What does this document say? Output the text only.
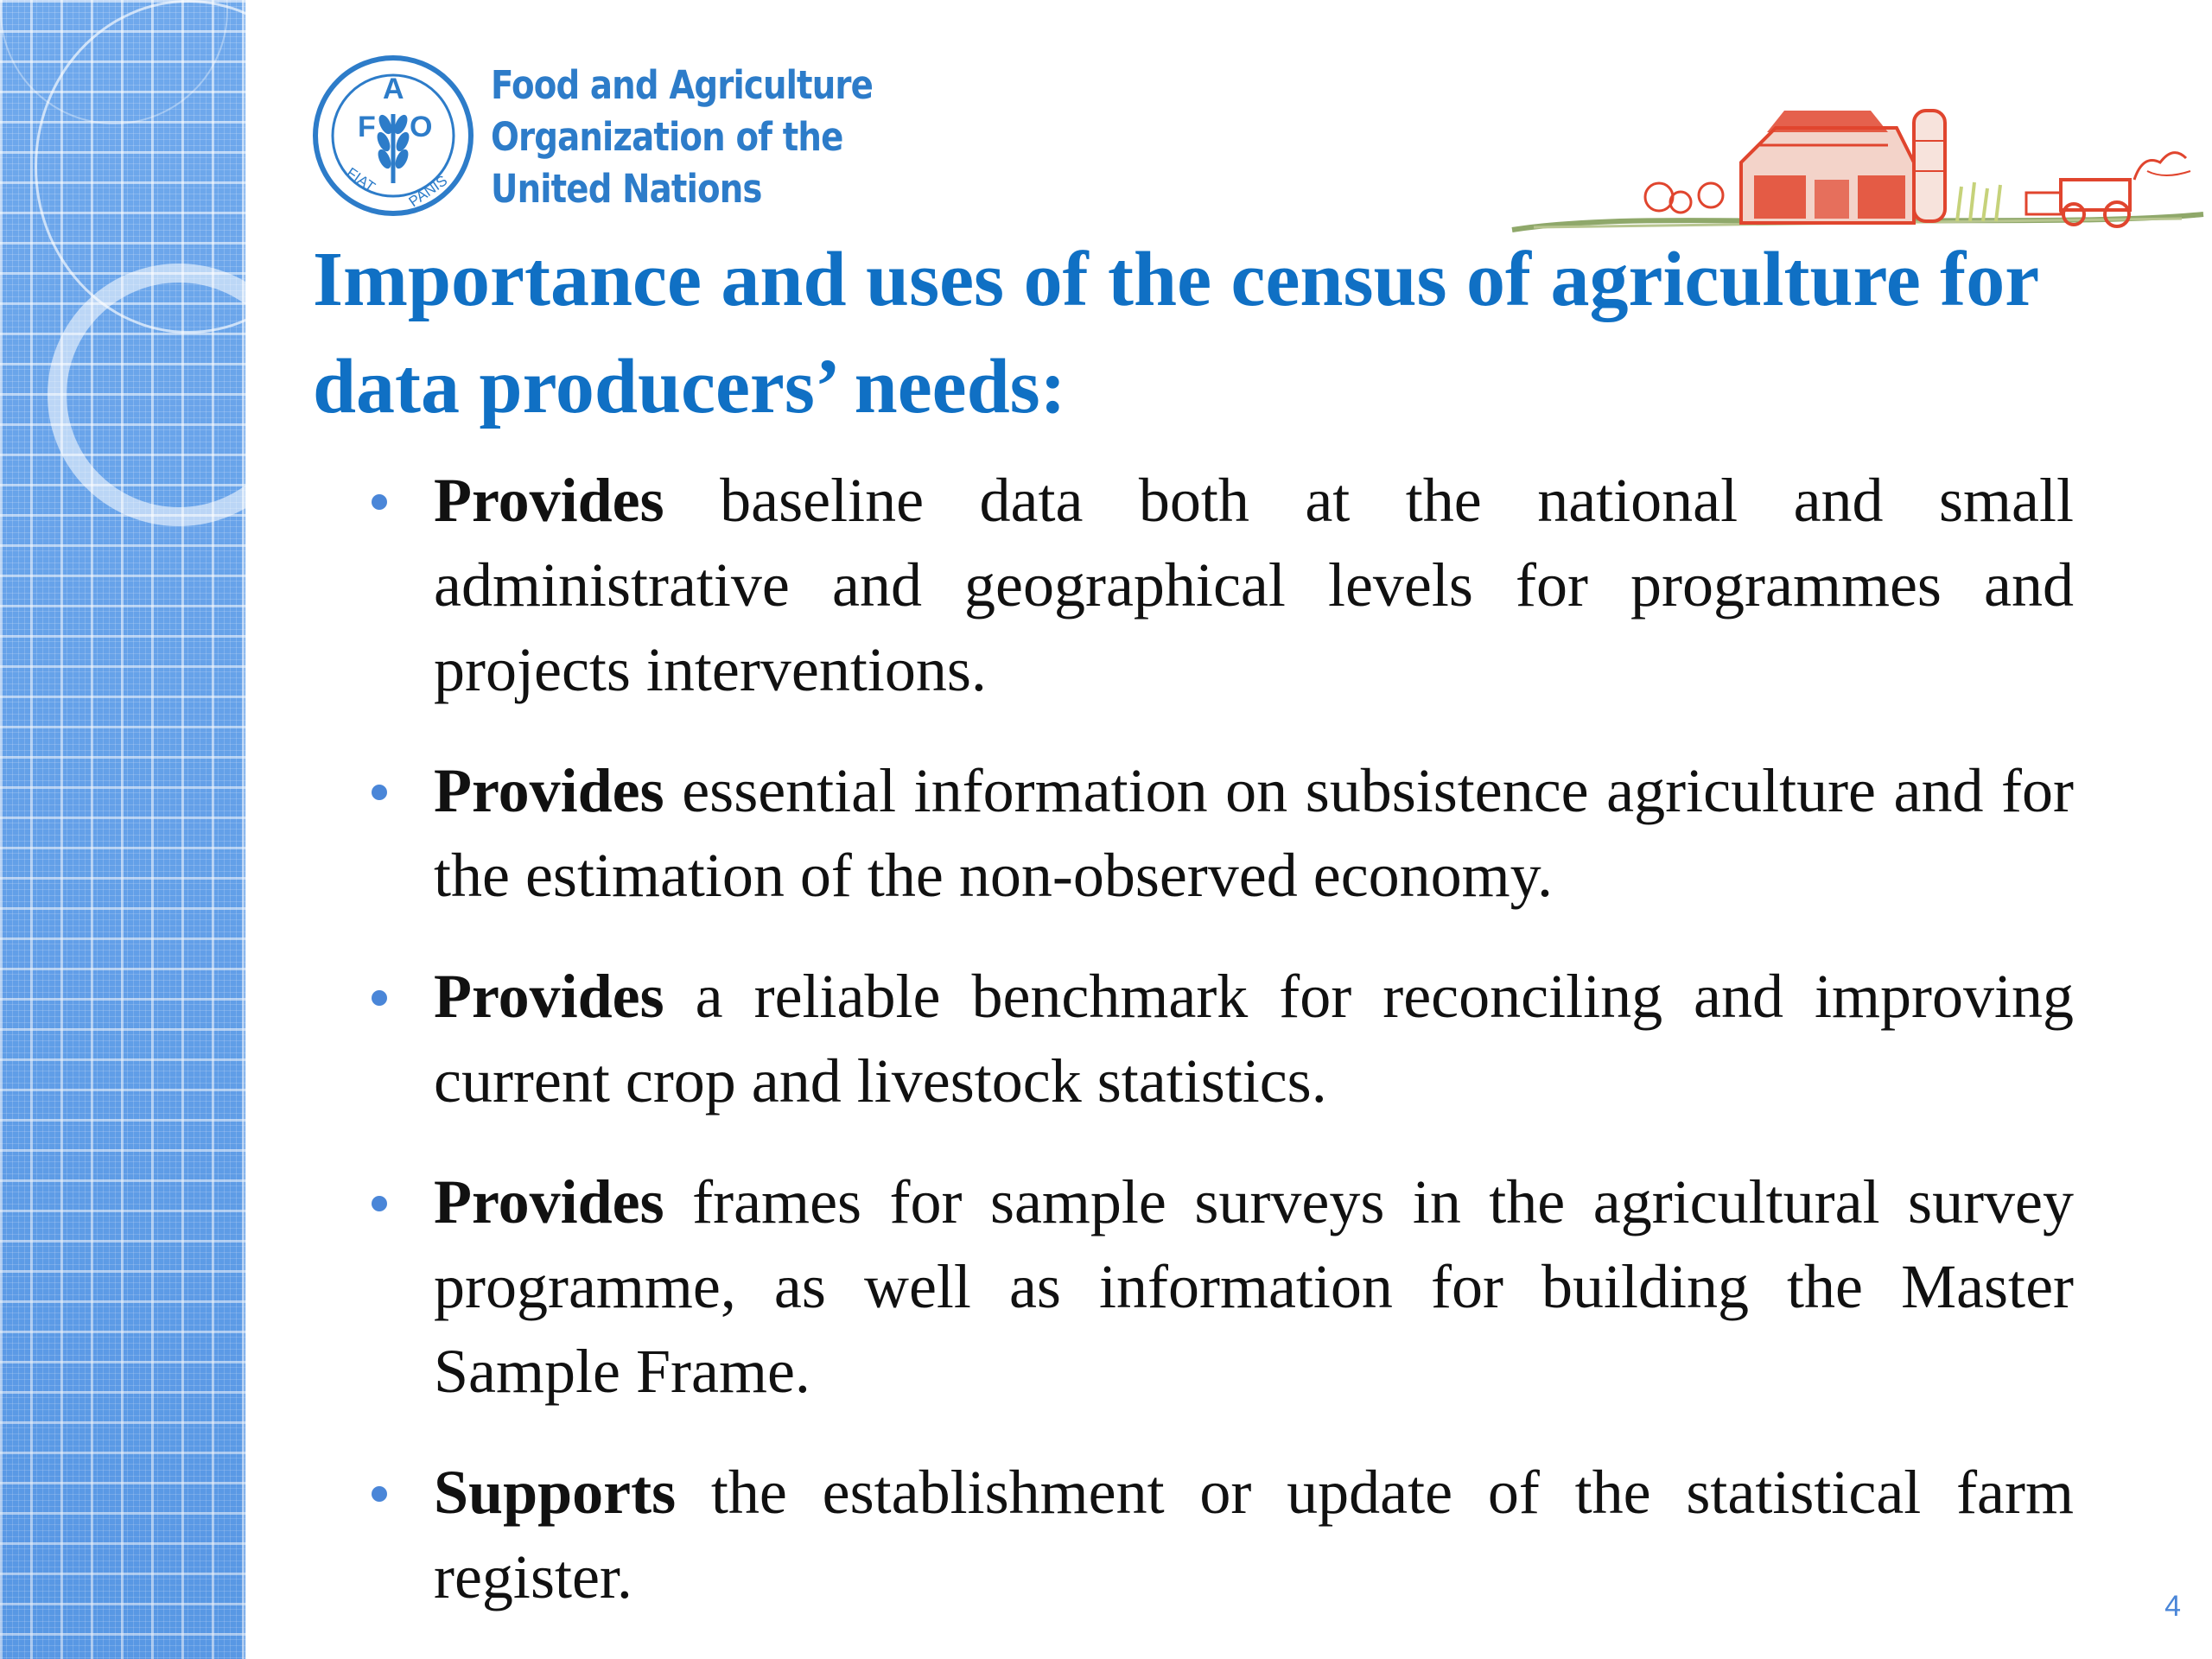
F
A
O
FIAT PANIS
Food and Agriculture
Organization of the
United Nations
Importance and uses of the census of agriculture for data producers’ needs:
Provides baseline data both at the national and small administrative and geographical levels for programmes and projects interventions.
Provides essential information on subsistence agriculture and for the estimation of the non-observed economy.
Provides a reliable benchmark for reconciling and improving current crop and livestock statistics.
Provides frames for sample surveys in the agricultural survey programme, as well as information for building the Master Sample Frame.
Supports the establishment or update of the statistical farm register.	4
